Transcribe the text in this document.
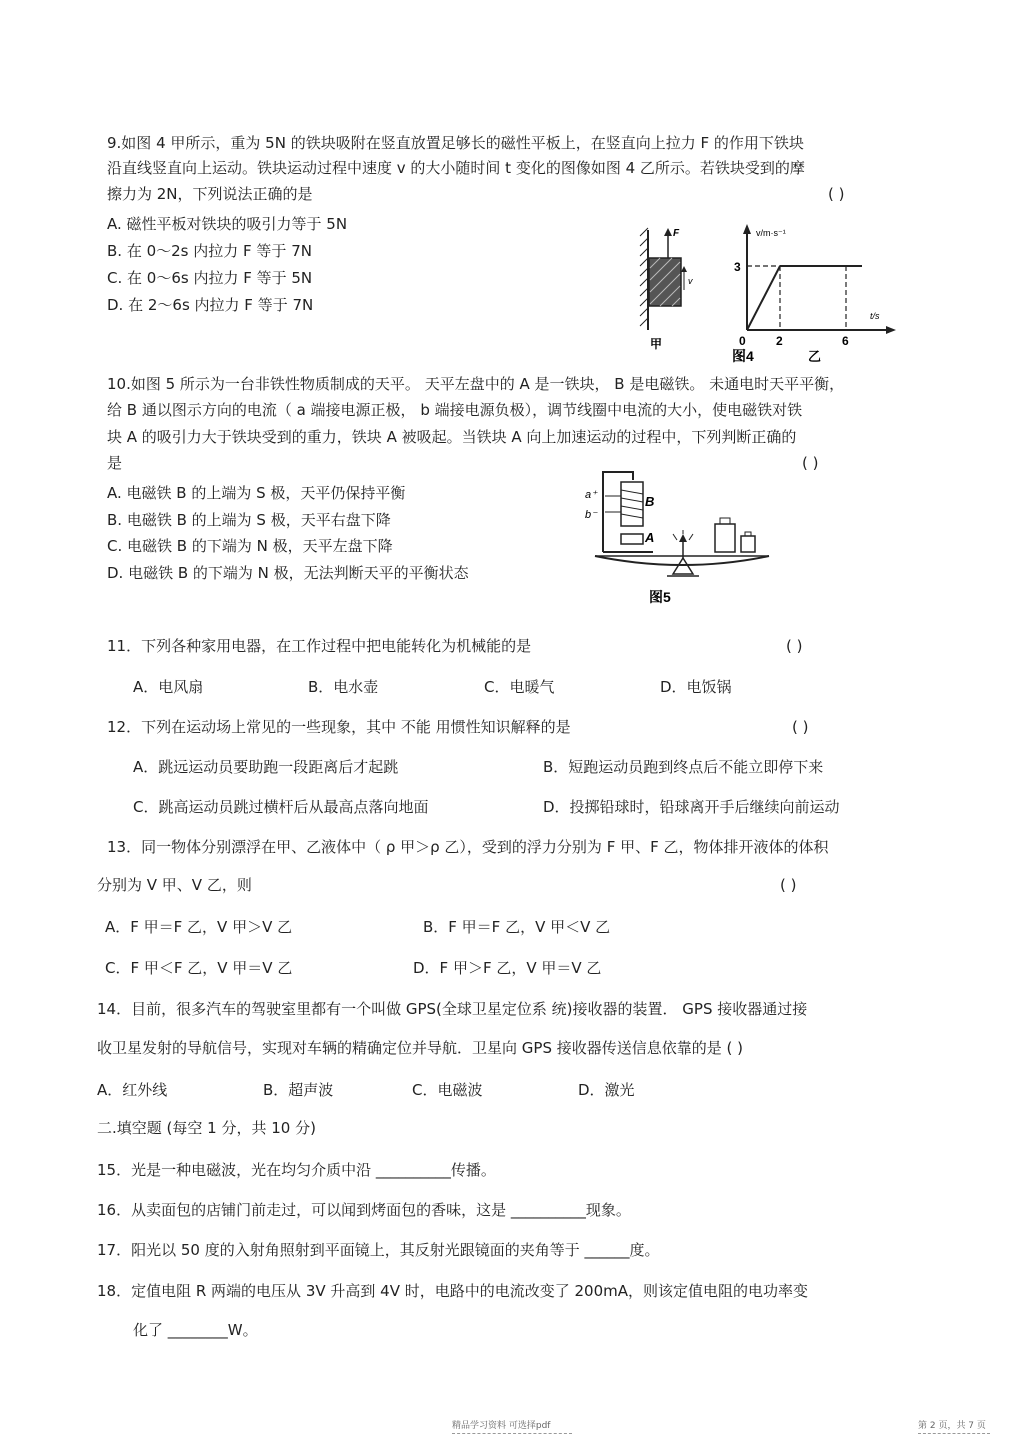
9.如图 4 甲所示，重为 5N 的铁块吸附在竖直放置足够长的磁性平板上，在竖直向上拉力 F 的作用下铁块
沿直线竖直向上运动。铁块运动过程中速度 v 的大小随时间 t 变化的图像如图 4 乙所示。若铁块受到的摩
擦力为 2N，下列说法正确的是	( )
A. 磁性平板对铁块的吸引力等于 5N
B. 在 0～2s 内拉力 F 等于 7N
C. 在 0～6s 内拉力 F 等于 5N
D. 在 2～6s 内拉力 F 等于 7N
F
v
甲
v/m·s⁻¹
t/s
3
0	2	6
图4	乙
10.如图 5 所示为一台非铁性物质制成的天平。 天平左盘中的 A 是一铁块， B 是电磁铁。 未通电时天平平衡，
给 B 通以图示方向的电流（ a 端接电源正极， b 端接电源负极），调节线圈中电流的大小，使电磁铁对铁
块 A 的吸引力大于铁块受到的重力，铁块 A 被吸起。当铁块 A 向上加速运动的过程中，下列判断正确的
是	( )
A. 电磁铁 B 的上端为 S 极，天平仍保持平衡
B. 电磁铁 B 的上端为 S 极，天平右盘下降
C. 电磁铁 B 的下端为 N 极，天平左盘下降
D. 电磁铁 B 的下端为 N 极，无法判断天平的平衡状态
a⁺
b⁻
B
A
图5
11．下列各种家用电器，在工作过程中把电能转化为机械能的是	( )
A．电风扇	B．电水壶	C．电暖气	D．电饭锅
12．下列在运动场上常见的一些现象，其中 不能 用惯性知识解释的是	( )
A．跳远运动员要助跑一段距离后才起跳	B．短跑运动员跑到终点后不能立即停下来
C．跳高运动员跳过横杆后从最高点落向地面	D．投掷铅球时，铅球离开手后继续向前运动
13．同一物体分别漂浮在甲、乙液体中（ ρ 甲＞ρ 乙），受到的浮力分别为 F 甲、F 乙，物体排开液体的体积
分别为 V 甲、V 乙，则	( )
A．F 甲＝F 乙，V 甲＞V 乙	B．F 甲＝F 乙，V 甲＜V 乙
C．F 甲＜F 乙，V 甲＝V 乙	D．F 甲＞F 乙，V 甲＝V 乙
14．目前，很多汽车的驾驶室里都有一个叫做 GPS(全球卫星定位系 统)接收器的装置． GPS 接收器通过接
收卫星发射的导航信号，实现对车辆的精确定位并导航．卫星向 GPS 接收器传送信息依靠的是 ( )
A．红外线	B．超声波	C．电磁波	D．激光
二.填空题 (每空 1 分，共 10 分)
15．光是一种电磁波，光在均匀介质中沿 __________传播。
16．从卖面包的店铺门前走过，可以闻到烤面包的香味，这是 __________现象。
17．阳光以 50 度的入射角照射到平面镜上，其反射光跟镜面的夹角等于 ______度。
18．定值电阻 R 两端的电压从 3V 升高到 4V 时，电路中的电流改变了 200mA，则该定值电阻的电功率变
化了 ________W。
精品学习资料 可选择pdf	第 2 页，共 7 页
